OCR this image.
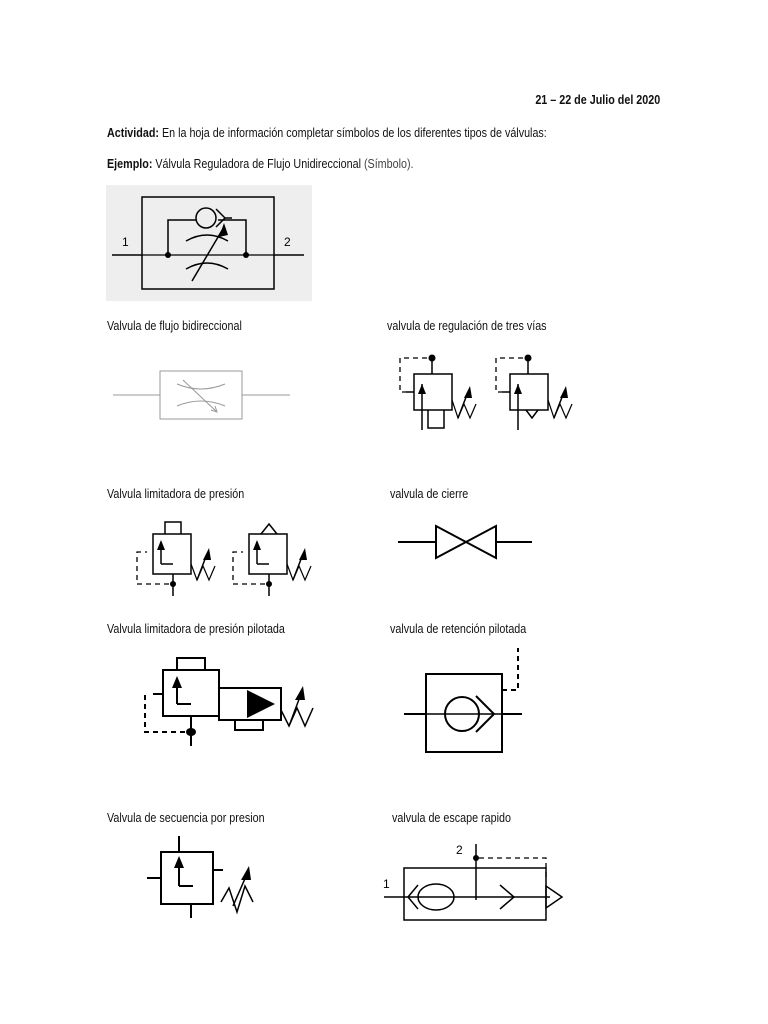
21 – 22 de Julio del 2020
Actividad: En la hoja de información completar símbolos de los diferentes tipos de válvulas:
Ejemplo: Válvula Reguladora de Flujo Unidireccional (Símbolo).
1	2
Valvula de flujo bidireccional	valvula de regulación de tres vías
Valvula limitadora de presión	valvula de cierre
Valvula limitadora de presión pilotada	valvula de retención pilotada
Valvula de secuencia por presion	valvula de escape rapido
2
1
